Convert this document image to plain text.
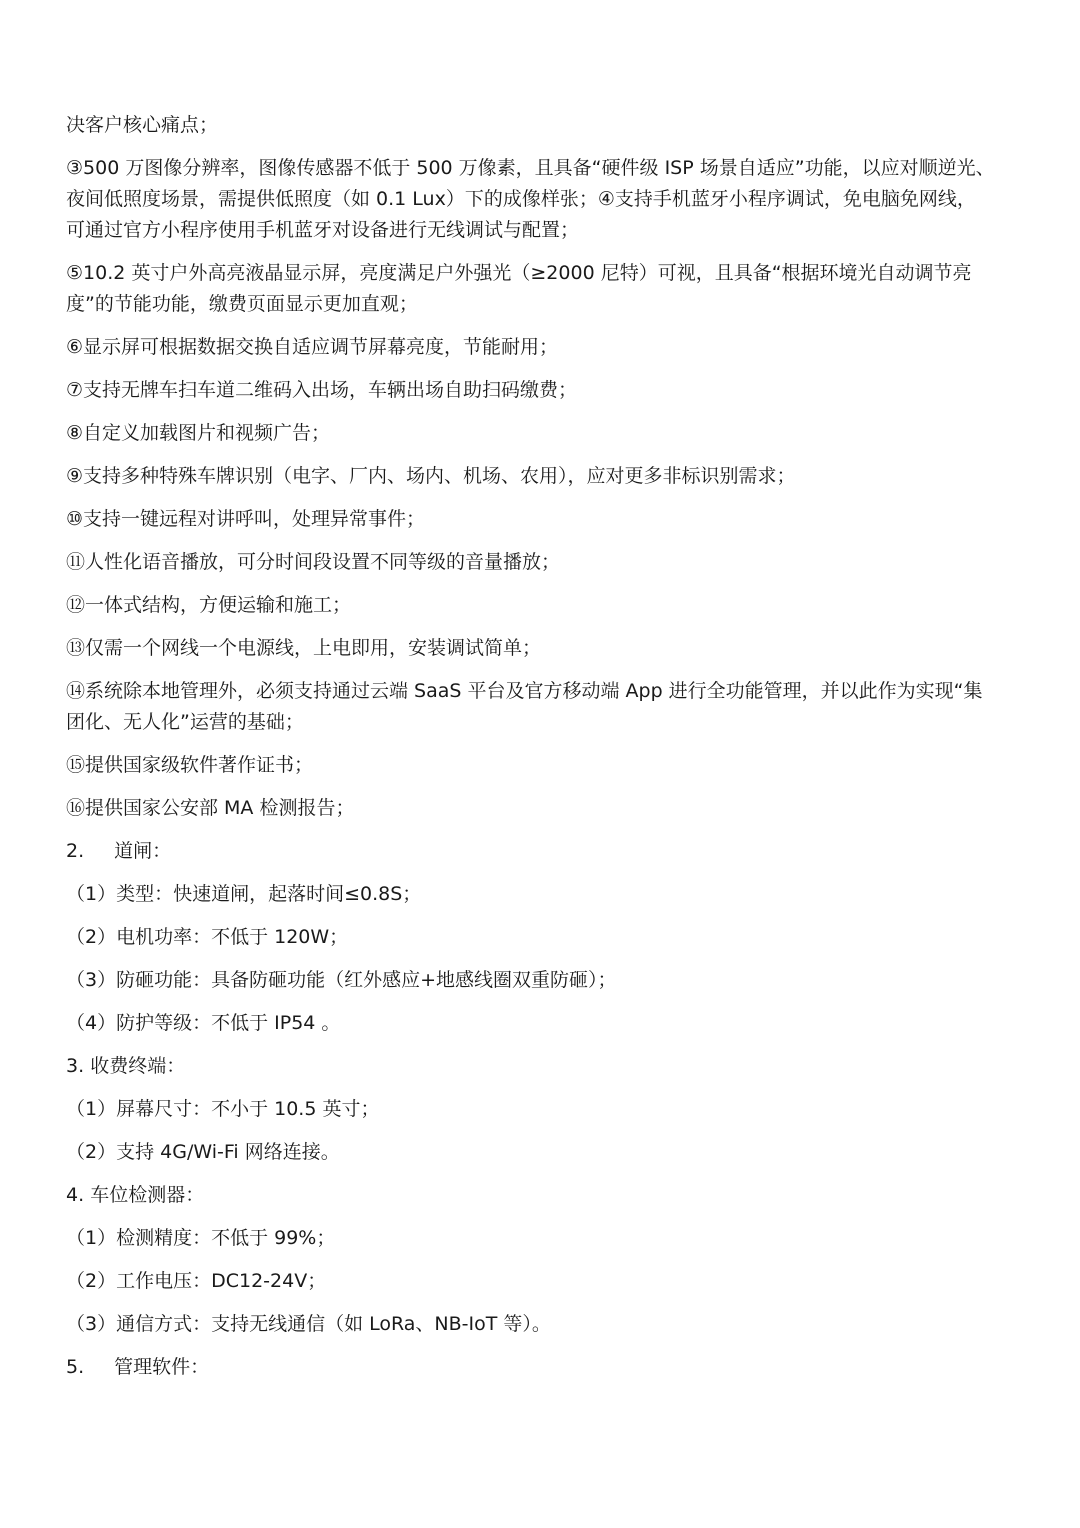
决客户核心痛点；
③500 万图像分辨率，图像传感器不低于 500 万像素，且具备“硬件级 ISP 场景自适应”功能，以应对顺逆光、
夜间低照度场景，需提供低照度（如 0.1 Lux）下的成像样张；④支持手机蓝牙小程序调试，免电脑免网线，
可通过官方小程序使用手机蓝牙对设备进行无线调试与配置；
⑤10.2 英寸户外高亮液晶显示屏，亮度满足户外强光（≥2000 尼特）可视，且具备“根据环境光自动调节亮
度”的节能功能，缴费页面显示更加直观；
⑥显示屏可根据数据交换自适应调节屏幕亮度，节能耐用；
⑦支持无牌车扫车道二维码入出场，车辆出场自助扫码缴费；
⑧自定义加载图片和视频广告；
⑨支持多种特殊车牌识别（电字、厂内、场内、机场、农用），应对更多非标识别需求；
⑩支持一键远程对讲呼叫，处理异常事件；
⑪人性化语音播放，可分时间段设置不同等级的音量播放；
⑫一体式结构，方便运输和施工；
⑬仅需一个网线一个电源线，上电即用，安装调试简单；
⑭系统除本地管理外，必须支持通过云端 SaaS 平台及官方移动端 App 进行全功能管理，并以此作为实现“集
团化、无人化”运营的基础；
⑮提供国家级软件著作证书；
⑯提供国家公安部 MA 检测报告；
2. 道闸：
（1）类型：快速道闸，起落时间≤0.8S；
（2）电机功率：不低于 120W；
（3）防砸功能：具备防砸功能（红外感应+地感线圈双重防砸）；
（4）防护等级：不低于 IP54 。
3. 收费终端：
（1）屏幕尺寸：不小于 10.5 英寸；
（2）支持 4G/Wi-Fi 网络连接。
4. 车位检测器：
（1）检测精度：不低于 99%；
（2）工作电压：DC12-24V；
（3）通信方式：支持无线通信（如 LoRa、NB-IoT 等）。
5. 管理软件：
